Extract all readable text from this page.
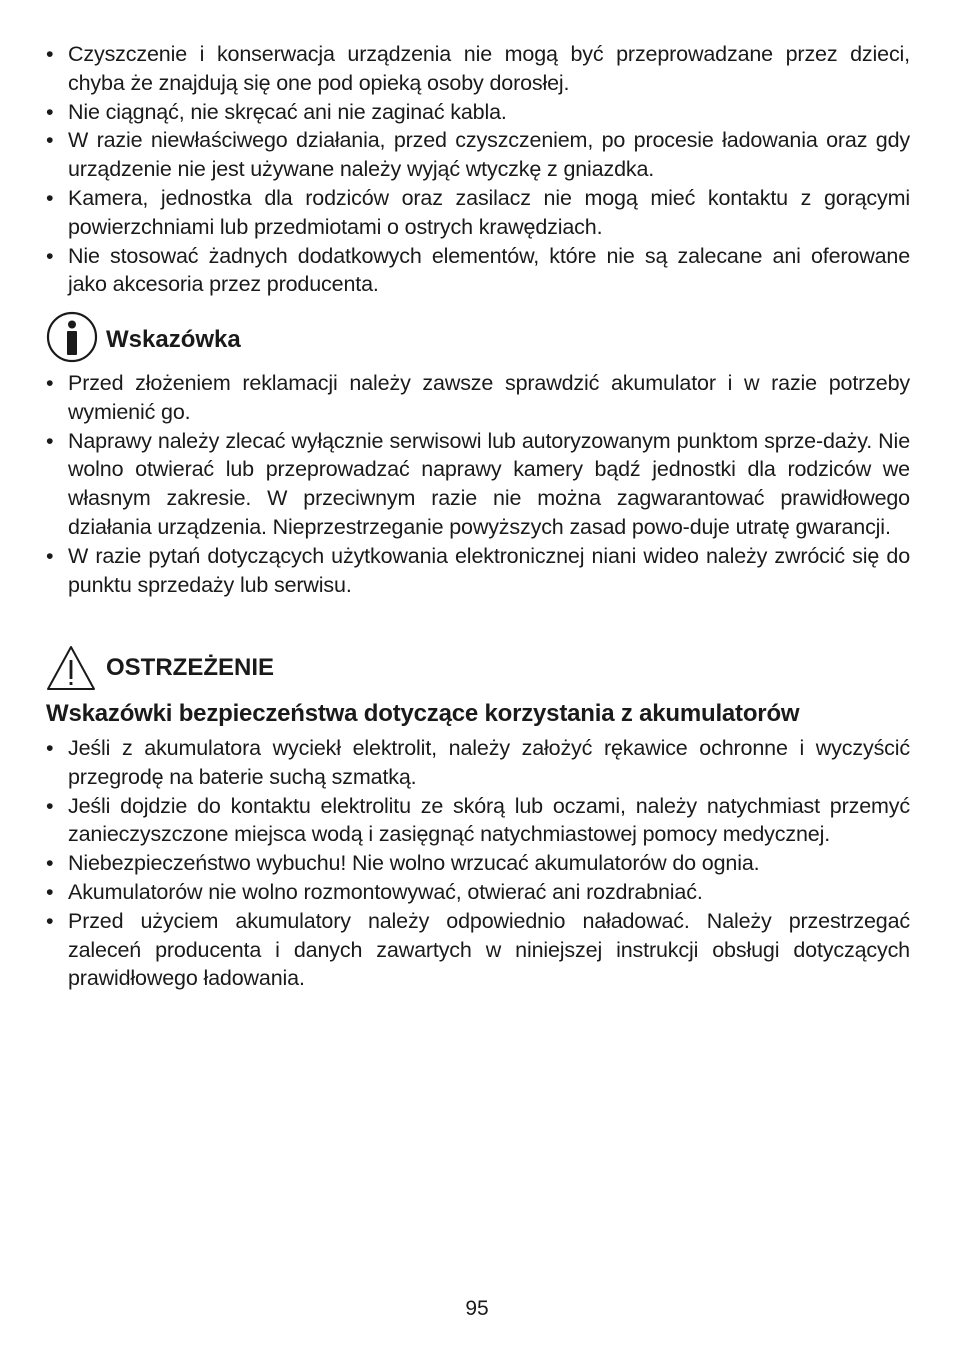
• Czyszczenie i konserwacja urządzenia nie mogą być przeprowadzane przez dzieci, chyba że znajdują się one pod opieką osoby dorosłej.
• Nie ciągnąć, nie skręcać ani nie zaginać kabla.
• W razie niewłaściwego działania, przed czyszczeniem, po procesie ładowania oraz gdy urządzenie nie jest używane należy wyjąć wtyczkę z gniazdka.
• Kamera, jednostka dla rodziców oraz zasilacz nie mogą mieć kontaktu z gorącymi powierzchniami lub przedmiotami o ostrych krawędziach.
• Nie stosować żadnych dodatkowych elementów, które nie są zalecane ani oferowane jako akcesoria przez producenta.
Wskazówka
• Przed złożeniem reklamacji należy zawsze sprawdzić akumulator i w razie potrzeby wymienić go.
• Naprawy należy zlecać wyłącznie serwisowi lub autoryzowanym punktom sprze-daży. Nie wolno otwierać lub przeprowadzać naprawy kamery bądź jednostki dla rodziców we własnym zakresie. W przeciwnym razie nie można zagwarantować prawidłowego działania urządzenia. Nieprzestrzeganie powyższych zasad powo-duje utratę gwarancji.
• W razie pytań dotyczących użytkowania elektronicznej niani wideo należy zwrócić się do punktu sprzedaży lub serwisu.
OSTRZEŻENIE
Wskazówki bezpieczeństwa dotyczące korzystania z akumulatorów
• Jeśli z akumulatora wyciekł elektrolit, należy założyć rękawice ochronne i wyczyścić przegrodę na baterie suchą szmatką.
• Jeśli dojdzie do kontaktu elektrolitu ze skórą lub oczami, należy natychmiast przemyć zanieczyszczone miejsca wodą i zasięgnąć natychmiastowej pomocy medycznej.
• Niebezpieczeństwo wybuchu! Nie wolno wrzucać akumulatorów do ognia.
• Akumulatorów nie wolno rozmontowywać, otwierać ani rozdrabniać.
• Przed użyciem akumulatory należy odpowiednio naładować. Należy przestrzegać zaleceń producenta i danych zawartych w niniejszej instrukcji obsługi dotyczących prawidłowego ładowania.
95
